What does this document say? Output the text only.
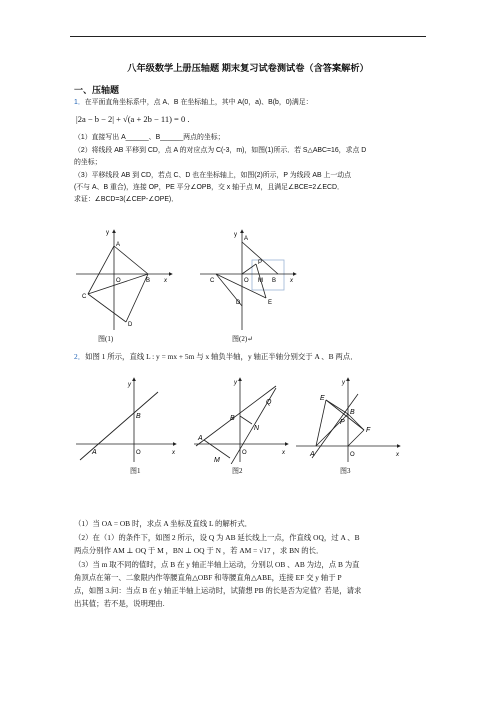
八年级数学上册压轴题 期末复习试卷测试卷（含答案解析）
一、压轴题
1．在平面直角坐标系中，点 A、B 在坐标轴上，其中 A(0，a)、B(b，0)满足：
|2a − b − 2| + √(a + 2b − 11) = 0 .
（1）直接写出 A______、B______两点的坐标；
（2）将线段 AB 平移到 CD，点 A 的对应点为 C(-3，m)，如图(1)所示．若 S△ABC=16，求点 D
的坐标；
（3）平移线段 AB 到 CD，若点 C、D 也在坐标轴上，如图(2)所示，P 为线段 AB 上一动点
(不与 A、B 重合)，连接 OP，PE 平分∠OPB，交 x 轴于点 M，且满足∠BCE=2∠ECD．
求证：∠BCD=3(∠CEP-∠OPE)．
y
A
O	B x
C
D
图(1)
y
A
P
C	O M B x
E
D
图(2)↵
2．如图 1 所示，直线 L : y = mx + 5m 与 x 轴负半轴，y 轴正半轴分别交于 A 、B 两点．
y
B
A	O	x
图1
y
B
Q
N
A
O
M
x
图2
y
E
B
F
P
A	O	x
图3
（1）当 OA = OB 时，求点 A 坐标及直线 L 的解析式．
（2）在（1）的条件下，如图 2 所示，设 Q 为 AB 延长线上一点，作直线 OQ，过 A 、B
两点分别作 AM ⊥ OQ 于 M ，BN ⊥ OQ 于 N ，若 AM = √17 ，求 BN 的长．
（3）当 m 取不同的值时，点 B 在 y 轴正半轴上运动，分别以 OB 、AB 为边，点 B 为直
角顶点在第一、二象限内作等腰直角△OBF 和等腰直角△ABE，连接 EF 交 y 轴于 P
点，如图 3.问：当点 B 在 y 轴正半轴上运动时，试猜想 PB 的长是否为定值？若是，请求
出其值；若不是，说明理由.
